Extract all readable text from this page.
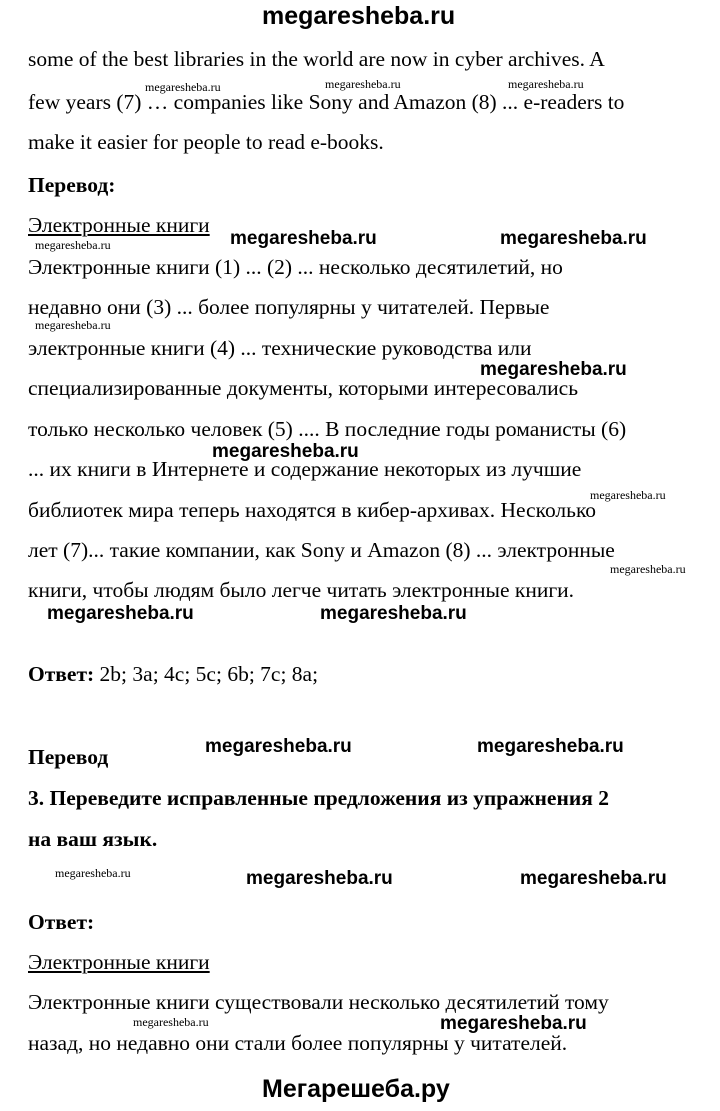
megaresheba.ru
some of the best libraries in the world are now in cyber archives. A
few years (7) … companies like Sony and Amazon (8) ... e-readers to
make it easier for people to read e-books.
Перевод:
Электронные книги
Электронные книги (1) ... (2) ... несколько десятилетий, но
недавно они (3) ... более популярны у читателей. Первые
электронные книги (4) ... технические руководства или
специализированные документы, которыми интересовались
только несколько человек (5) .... В последние годы романисты (6)
... их книги в Интернете и содержание некоторых из лучшие
библиотек мира теперь находятся в кибер-архивах. Несколько
лет (7)... такие компании, как Sony и Amazon (8) ... электронные
книги, чтобы людям было легче читать электронные книги.
Ответ: 2b; 3a; 4c; 5c; 6b; 7c; 8a;
Перевод
3. Переведите исправленные предложения из упражнения 2
на ваш язык.
Ответ:
Электронные книги
Электронные книги существовали несколько десятилетий тому
назад, но недавно они стали более популярны у читателей.
Мегарешеба.ру
megaresheba.ru	megaresheba.ru	megaresheba.ru
megaresheba.ru	megaresheba.ru	megaresheba.ru
megaresheba.ru
megaresheba.ru
megaresheba.ru
megaresheba.ru
megaresheba.ru
megaresheba.ru	megaresheba.ru
megaresheba.ru	megaresheba.ru
megaresheba.ru	megaresheba.ru	megaresheba.ru
megaresheba.ru	megaresheba.ru
